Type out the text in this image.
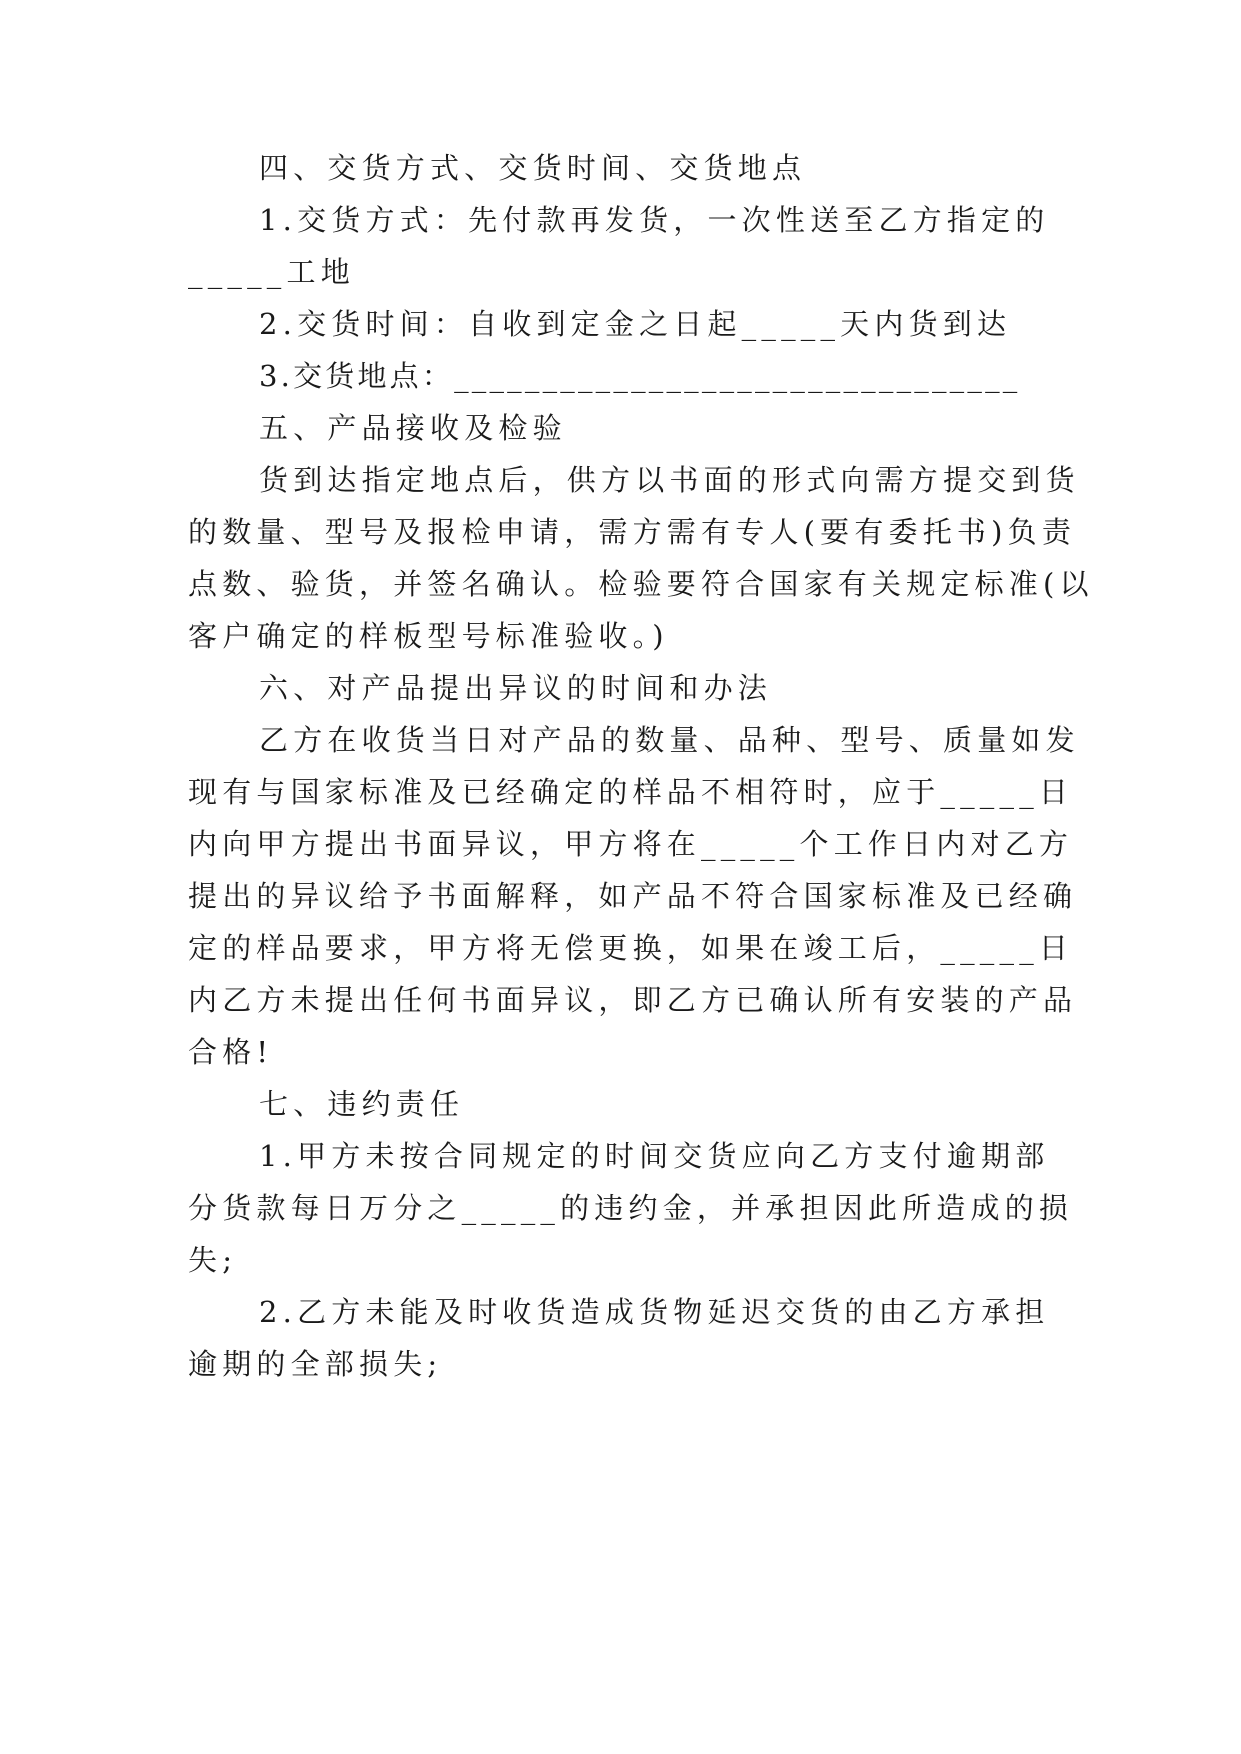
四、交货方式、交货时间、交货地点
1.交货方式：先付款再发货，一次性送至乙方指定的
_____工地
2.交货时间：自收到定金之日起_____天内货到达
3.交货地点：________________________________
五、产品接收及检验
货到达指定地点后，供方以书面的形式向需方提交到货
的数量、型号及报检申请，需方需有专人(要有委托书)负责
点数、验货，并签名确认。检验要符合国家有关规定标准(以
客户确定的样板型号标准验收。)
六、对产品提出异议的时间和办法
乙方在收货当日对产品的数量、品种、型号、质量如发
现有与国家标准及已经确定的样品不相符时，应于_____日
内向甲方提出书面异议，甲方将在_____个工作日内对乙方
提出的异议给予书面解释，如产品不符合国家标准及已经确
定的样品要求，甲方将无偿更换，如果在竣工后，_____日
内乙方未提出任何书面异议，即乙方已确认所有安装的产品
合格!
七、违约责任
1.甲方未按合同规定的时间交货应向乙方支付逾期部
分货款每日万分之_____的违约金，并承担因此所造成的损
失;
2.乙方未能及时收货造成货物延迟交货的由乙方承担
逾期的全部损失;
